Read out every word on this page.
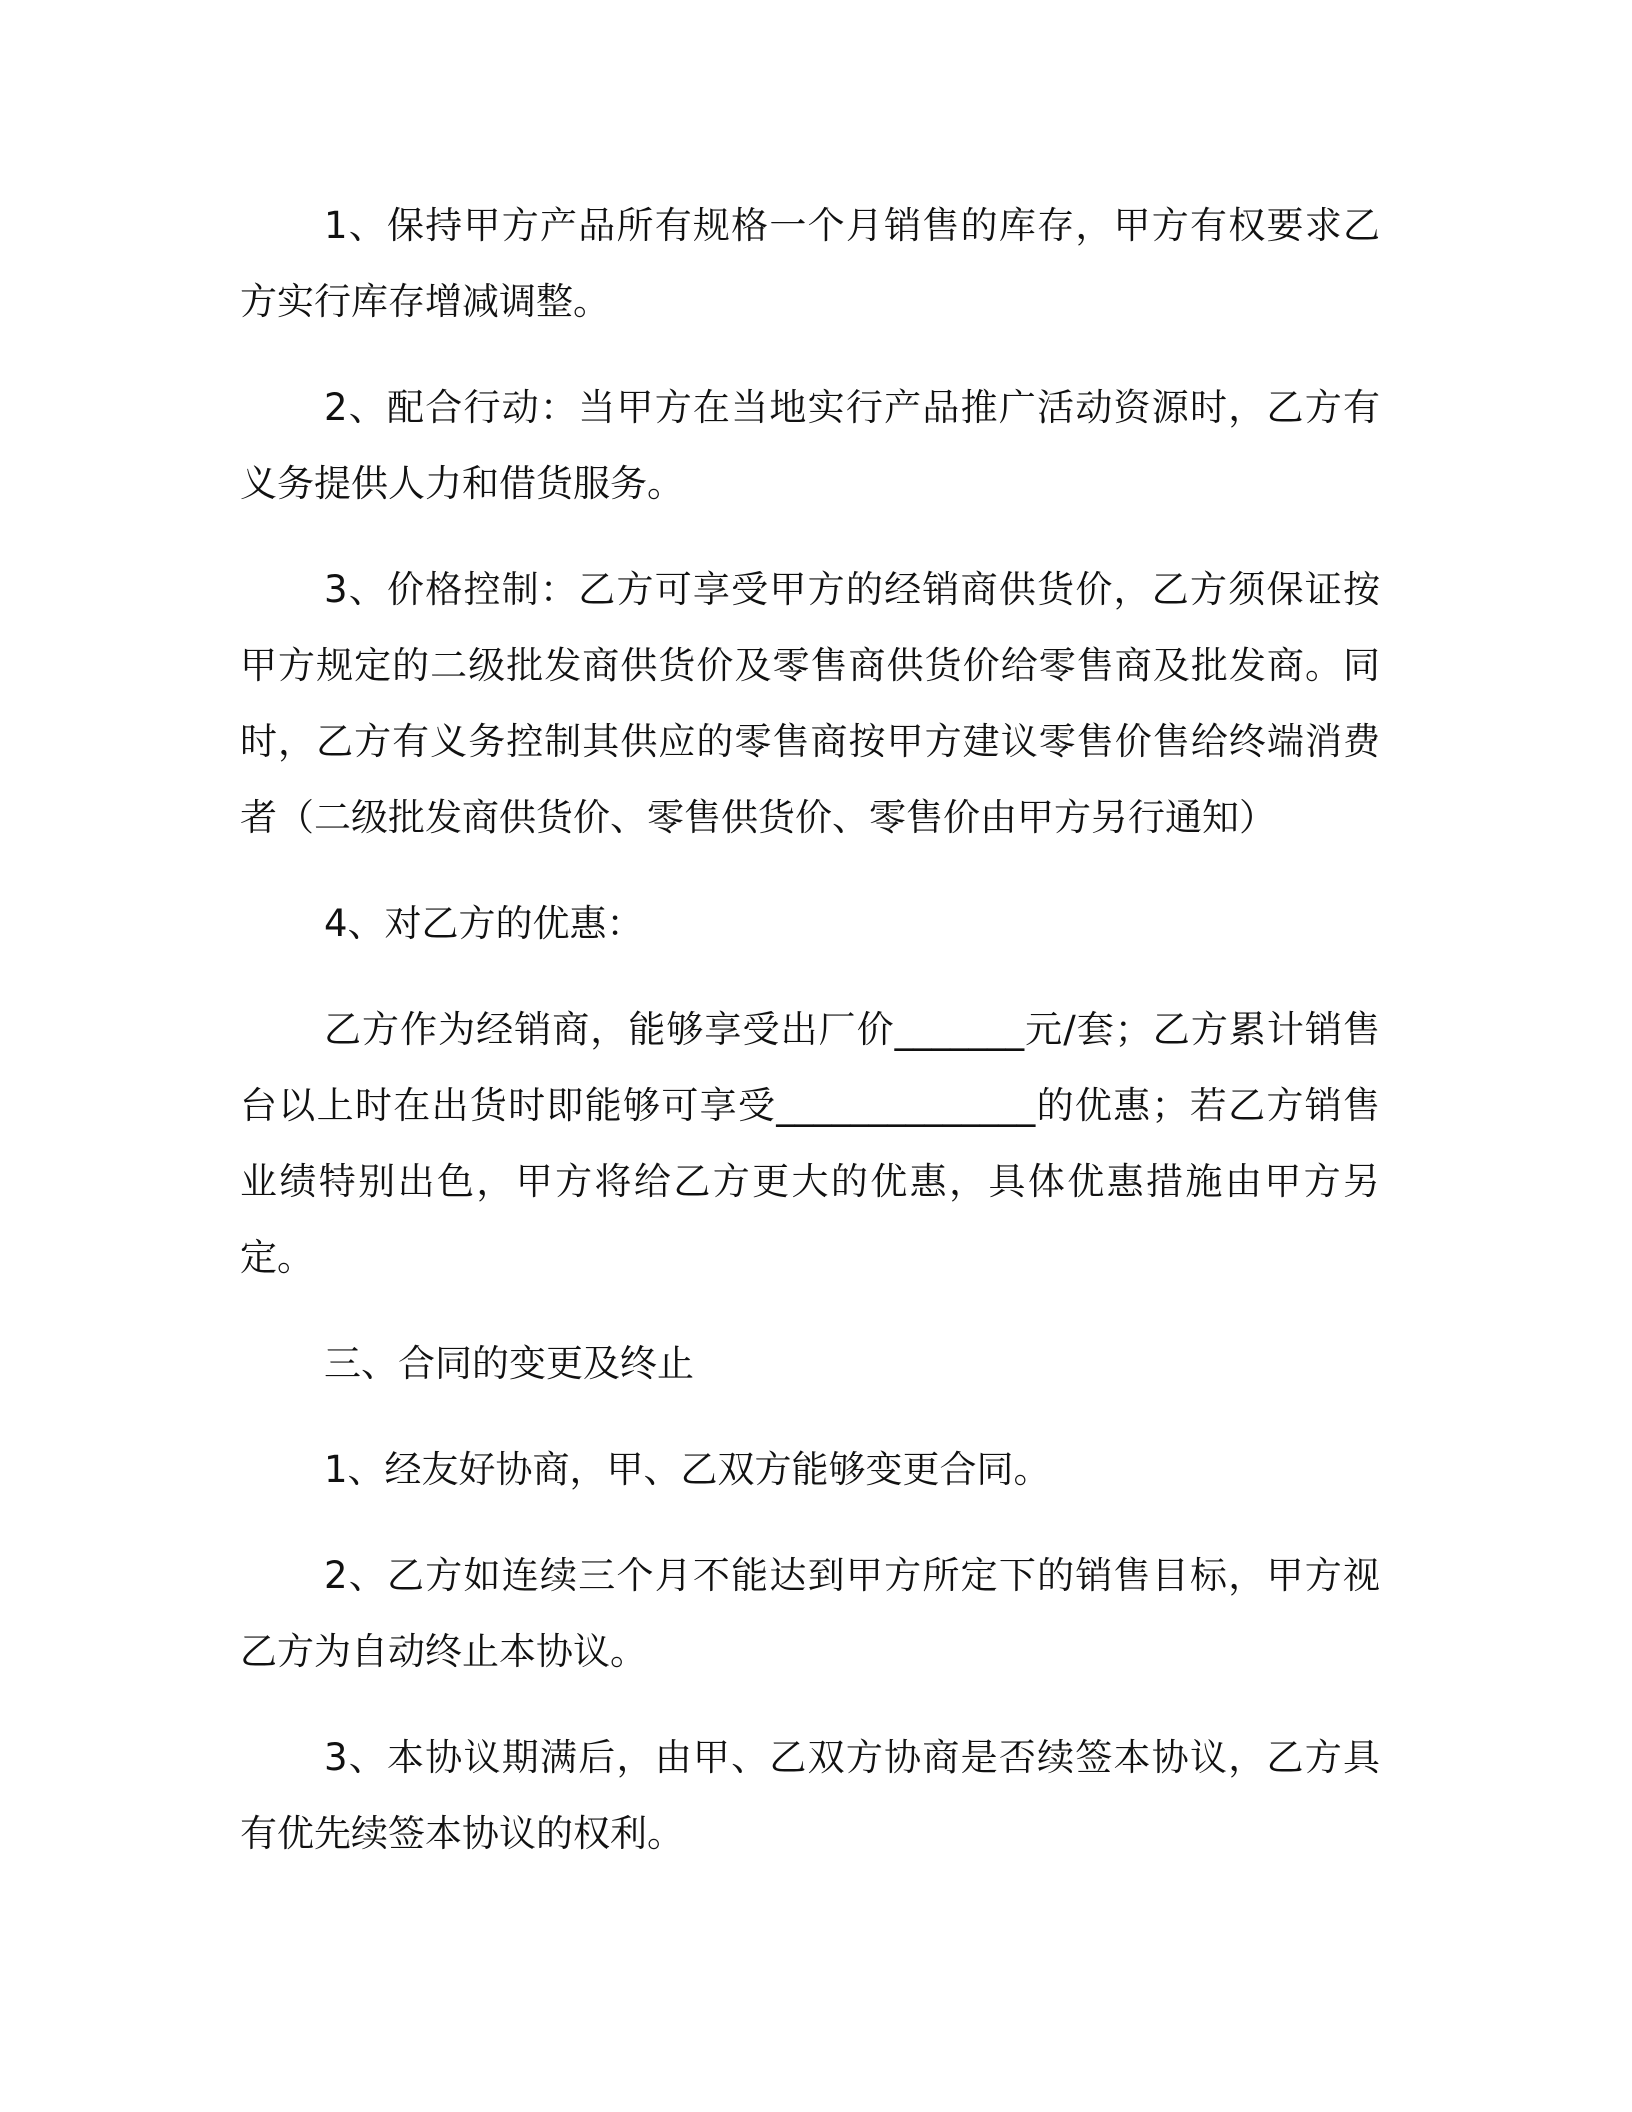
1、保持甲方产品所有规格一个月销售的库存，甲方有权要求乙方实行库存增减调整。

2、配合行动：当甲方在当地实行产品推广活动资源时，乙方有义务提供人力和借货服务。

3、价格控制：乙方可享受甲方的经销商供货价，乙方须保证按甲方规定的二级批发商供货价及零售商供货价给零售商及批发商。同时，乙方有义务控制其供应的零售商按甲方建议零售价售给终端消费者（二级批发商供货价、零售供货价、零售价由甲方另行通知）

4、对乙方的优惠：

乙方作为经销商，能够享受出厂价_______元/套；乙方累计销售台以上时在出货时即能够可享受______________的优惠；若乙方销售业绩特别出色，甲方将给乙方更大的优惠，具体优惠措施由甲方另定。

三、合同的变更及终止

1、经友好协商，甲、乙双方能够变更合同。

2、乙方如连续三个月不能达到甲方所定下的销售目标，甲方视乙方为自动终止本协议。

3、本协议期满后，由甲、乙双方协商是否续签本协议，乙方具有优先续签本协议的权利。
